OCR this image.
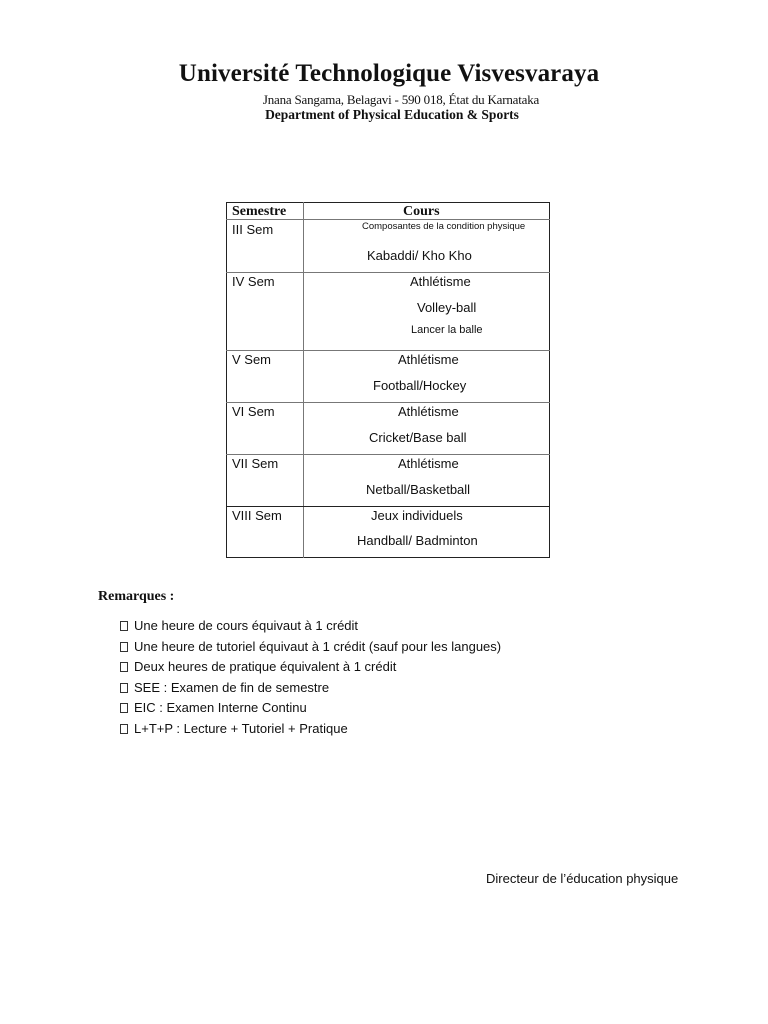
Université Technologique Visvesvaraya
Jnana Sangama, Belagavi - 590 018, État du Karnataka
Department of Physical Education & Sports
Semestre	Cours
III Sem	Composantes de la condition physique
Kabaddi/ Kho Kho
IV Sem	Athlétisme
Volley-ball
Lancer la balle
V Sem	Athlétisme
Football/Hockey
VI Sem	Athlétisme
Cricket/Base ball
VII Sem	Athlétisme
Netball/Basketball
VIII Sem	Jeux individuels
Handball/ Badminton
Remarques :
Une heure de cours équivaut à 1 crédit
Une heure de tutoriel équivaut à 1 crédit (sauf pour les langues)
Deux heures de pratique équivalent à 1 crédit
SEE : Examen de fin de semestre
EIC : Examen Interne Continu
L+T+P : Lecture + Tutoriel + Pratique
Directeur de l’éducation physique
